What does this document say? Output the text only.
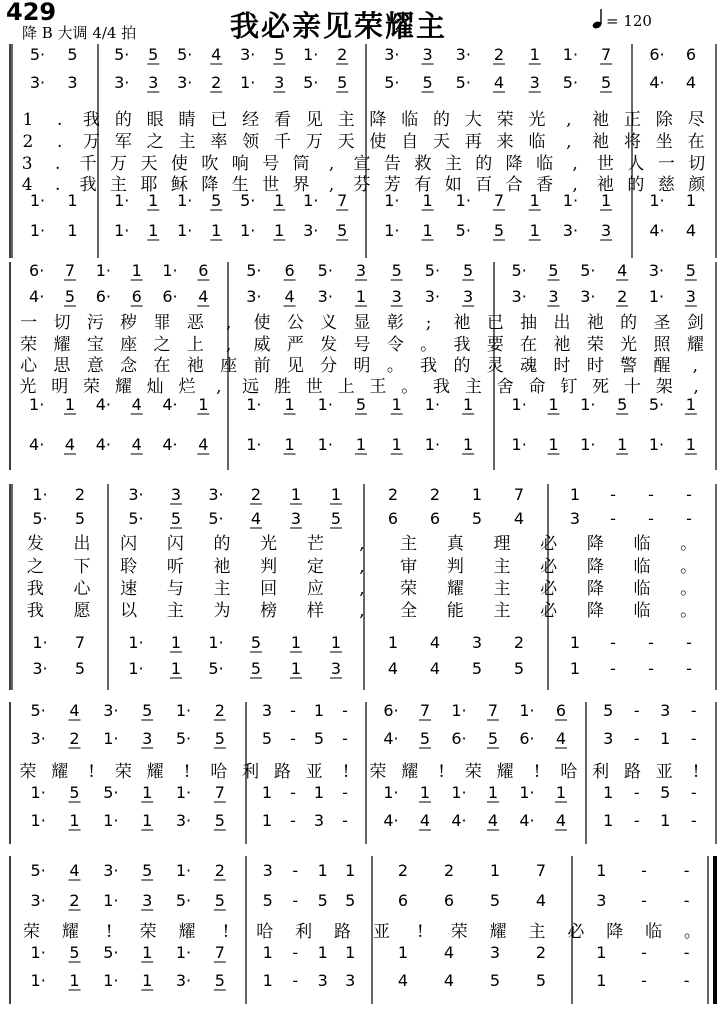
429
降 B 大调 4/4 拍	我必亲见荣耀主	= 120
1 . 我 的 眼 睛 已 经 看 见 主 降 临 的 大 荣 光 , 祂 正 除 尽
2 . 万 军 之 主 率 领 千 万 天 使 自 天 再 来 临 , 祂 将 坐 在
3 . 千 万 天 使 吹 响 号 筒 , 宣 告 救 主 的 降 临 , 世 人 一 切
4 . 我 主 耶 稣 降 生 世 界 , 芬 芳 有 如 百 合 香 , 祂 的 慈 颜
5· 5
3· 3
1· 1
1· 1
5· 5 5· 4 3· 5 1· 2
3· 3 3· 2 1· 3 5· 5
1· 1 1· 5 5· 1 1· 7
1· 1 1· 1 1· 1 3· 5
3· 3 3· 2 1 1· 7
5· 5 5· 4 3 5· 5
1· 1 1· 7 1 1· 1
1· 1 5· 5 1 3· 3
6· 6
4· 4
1· 1
4· 4
一 切 污 秽 罪 恶 , 使 公 义 显 彰 ; 祂 已 抽 出 祂 的 圣 剑
荣 耀 宝 座 之 上 , 威 严 发 号 令 。 我 要 在 祂 荣 光 照 耀
心 思 意 念 在 祂 座 前 见 分 明 。 我 的 灵 魂 时 时 警 醒 ,
光 明 荣 耀 灿 烂 , 远 胜 世 上 王 。 我 主 舍 命 钉 死 十 架 ,
6· 7 1· 1 1· 6
4· 5 6· 6 6· 4
1· 1 4· 4 4· 1
4· 4 4· 4 4· 4
5· 6 5· 3 5 5· 5
3· 4 3· 1 3 3· 3
1· 1 1· 5 1 1· 1
1· 1 1· 1 1 1· 1
5· 5 5· 4 3· 5
3· 3 3· 2 1· 3
1· 1 1· 5 5· 1
1· 1 1· 1 1· 1
发 出 闪 闪 的 光 芒 , 主 真 理 必 降 临 。
之 下 聆 听 祂 判 定 , 审 判 主 必 降 临 。
我 心 速 与 主 回 应 , 荣 耀 主 必 降 临 。
我 愿 以 主 为 榜 样 , 全 能 主 必 降 临 。
1· 2
5· 5
1· 7
3· 5
3· 3 3· 2 1 1
5· 5 5· 4 3 5
1· 1 1· 5 1 1
1· 1 5· 5 1 3
2 2 1 7
6 6 5 4
1 4 3 2
4 4 5 5
1 - - -
3 - - -
1 - - -
1 - - -
荣 耀 ! 荣 耀 ! 哈 利 路 亚 ! 荣 耀 ! 荣 耀 ! 哈 利 路 亚 !
5· 4 3· 5 1· 2
3· 2 1· 3 5· 5
1· 5 5· 1 1· 7
1· 1 1· 1 3· 5
3 - 1 -
5 - 5 -
1 - 1 -
1 - 3 -
6· 7 1· 7 1· 6
4· 5 6· 5 6· 4
1· 1 1· 1 1· 1
4· 4 4· 4 4· 4
5 - 3 -
3 - 1 -
1 - 5 -
1 - 1 -
荣 耀 ! 荣 耀 ! 哈 利 路 亚 ! 荣 耀 主 必 降 临 。
5· 4 3· 5 1· 2
3· 2 1· 3 5· 5
1· 5 5· 1 1· 7
1· 1 1· 1 3· 5
3 - 1 1
5 - 5 5
1 - 1 1
1 - 3 3
2 2 1 7
6 6 5 4
1 4 3 2
4 4 5 5
1 - -
3 - -
1 - -
1 - -
